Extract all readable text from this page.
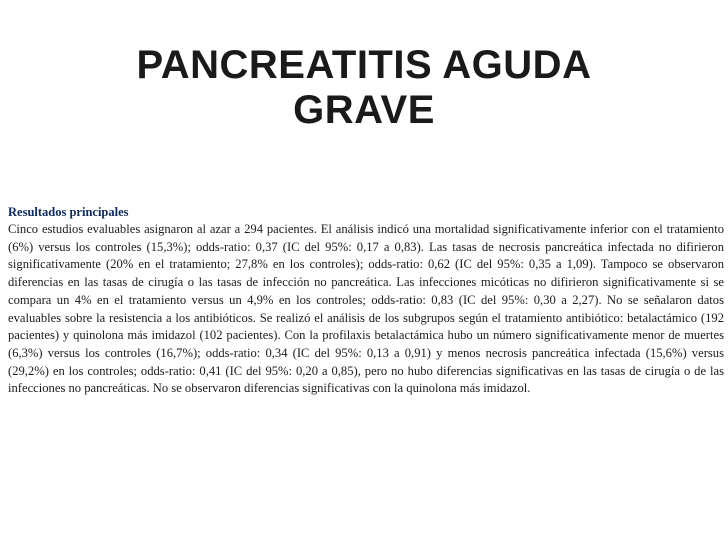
PANCREATITIS AGUDA
GRAVE
Resultados principales

Cinco estudios evaluables asignaron al azar a 294 pacientes. El análisis indicó una mortalidad significativamente inferior con el tratamiento (6%) versus los controles (15,3%); odds-ratio: 0,37 (IC del 95%: 0,17 a 0,83). Las tasas de necrosis pancreática infectada no difirieron significativamente (20% en el tratamiento; 27,8% en los controles); odds-ratio: 0,62 (IC del 95%: 0,35 a 1,09). Tampoco se observaron diferencias en las tasas de cirugía o las tasas de infección no pancreática. Las infecciones micóticas no difirieron significativamente si se compara un 4% en el tratamiento versus un 4,9% en los controles; odds-ratio: 0,83 (IC del 95%: 0,30 a 2,27). No se señalaron datos evaluables sobre la resistencia a los antibióticos. Se realizó el análisis de los subgrupos según el tratamiento antibiótico: betalactámico (192 pacientes) y quinolona más imidazol (102 pacientes). Con la profilaxis betalactámica hubo un número significativamente menor de muertes (6,3%) versus los controles (16,7%); odds-ratio: 0,34 (IC del 95%: 0,13 a 0,91) y menos necrosis pancreática infectada (15,6%) versus (29,2%) en los controles; odds-ratio: 0,41 (IC del 95%: 0,20 a 0,85), pero no hubo diferencias significativas en las tasas de cirugía o de las infecciones no pancreáticas. No se observaron diferencias significativas con la quinolona más imidazol.
